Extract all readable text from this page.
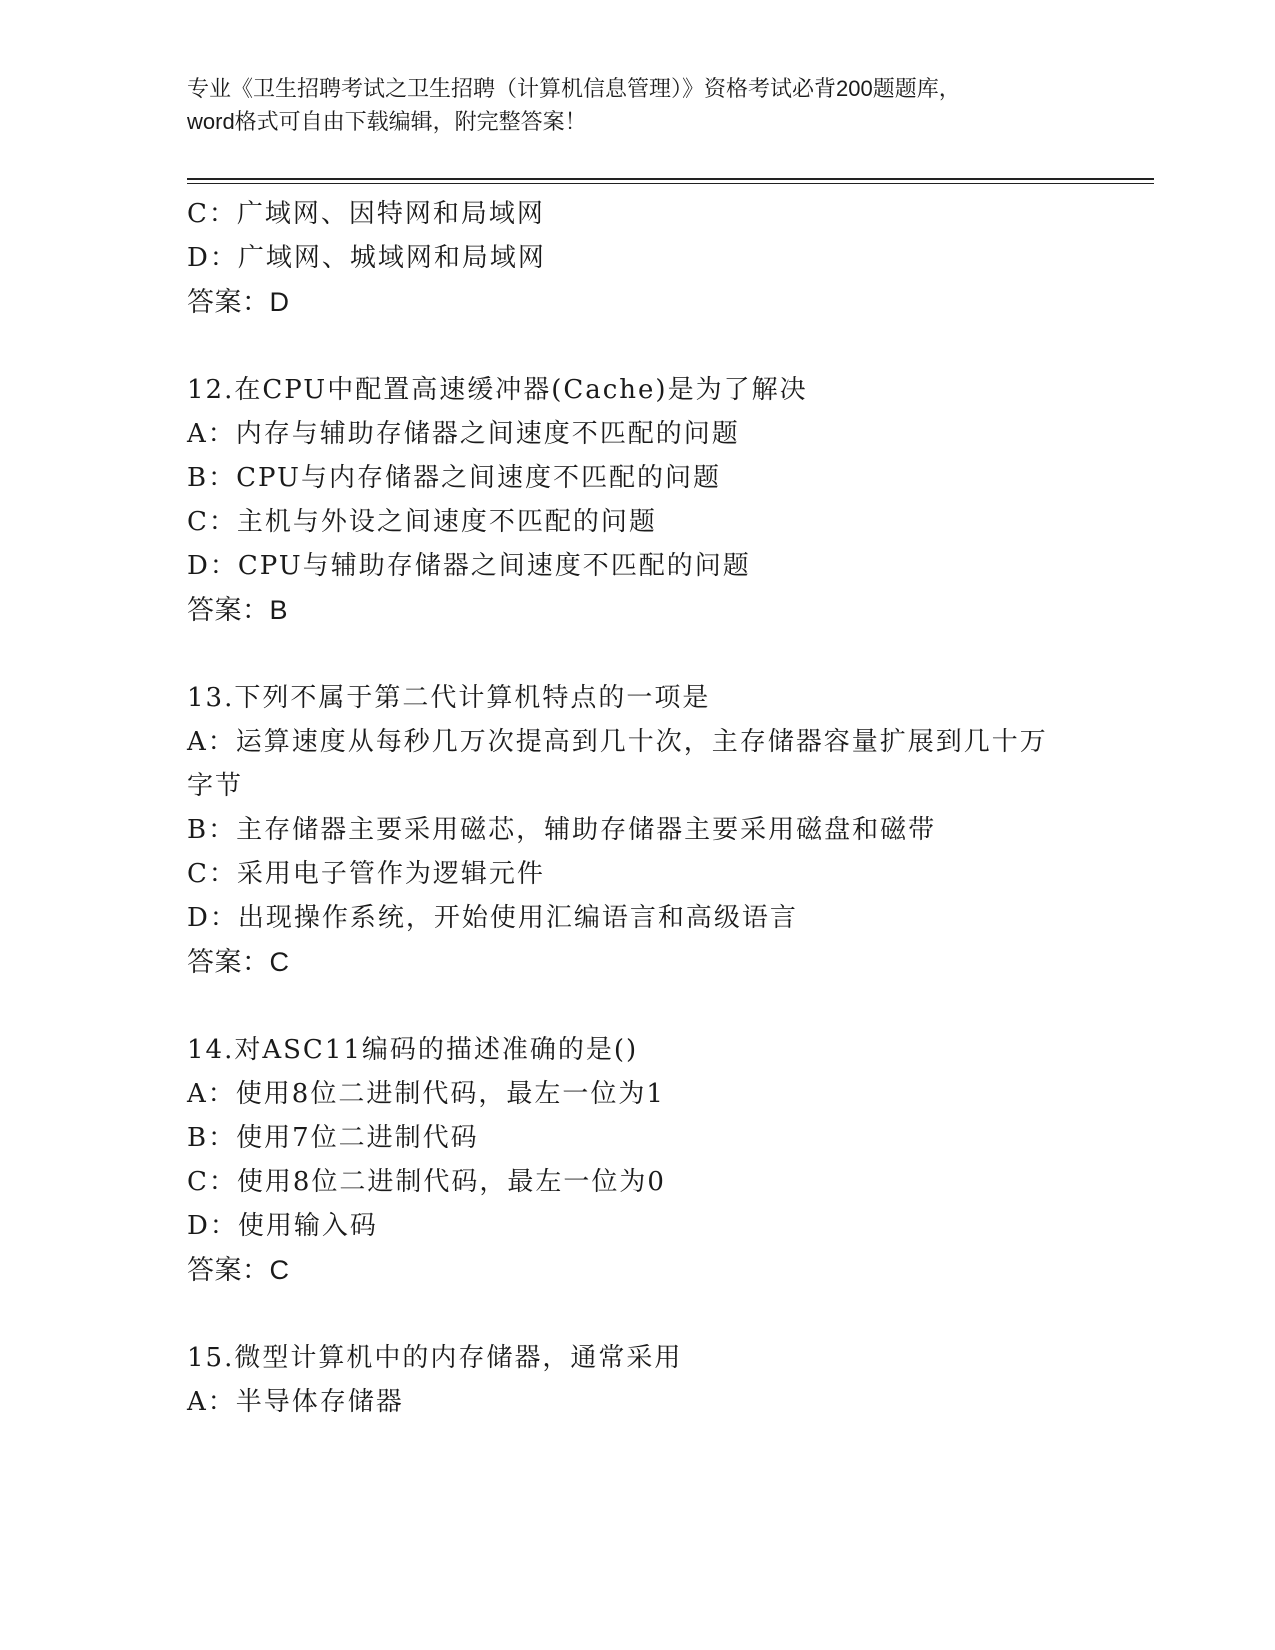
专业《卫生招聘考试之卫生招聘（计算机信息管理）》资格考试必背200题题库，
word格式可自由下载编辑，附完整答案！
C：广域网、因特网和局域网
D：广域网、城域网和局域网
答案：D
12.在CPU中配置高速缓冲器(Cache)是为了解决
A：内存与辅助存储器之间速度不匹配的问题
B：CPU与内存储器之间速度不匹配的问题
C：主机与外设之间速度不匹配的问题
D：CPU与辅助存储器之间速度不匹配的问题
答案：B
13.下列不属于第二代计算机特点的一项是
A：运算速度从每秒几万次提高到几十次，主存储器容量扩展到几十万
字节
B：主存储器主要采用磁芯，辅助存储器主要采用磁盘和磁带
C：采用电子管作为逻辑元件
D：出现操作系统，开始使用汇编语言和高级语言
答案：C
14.对ASC11编码的描述准确的是()
A：使用8位二进制代码，最左一位为1
B：使用7位二进制代码
C：使用8位二进制代码，最左一位为0
D：使用输入码
答案：C
15.微型计算机中的内存储器，通常采用
A：半导体存储器
